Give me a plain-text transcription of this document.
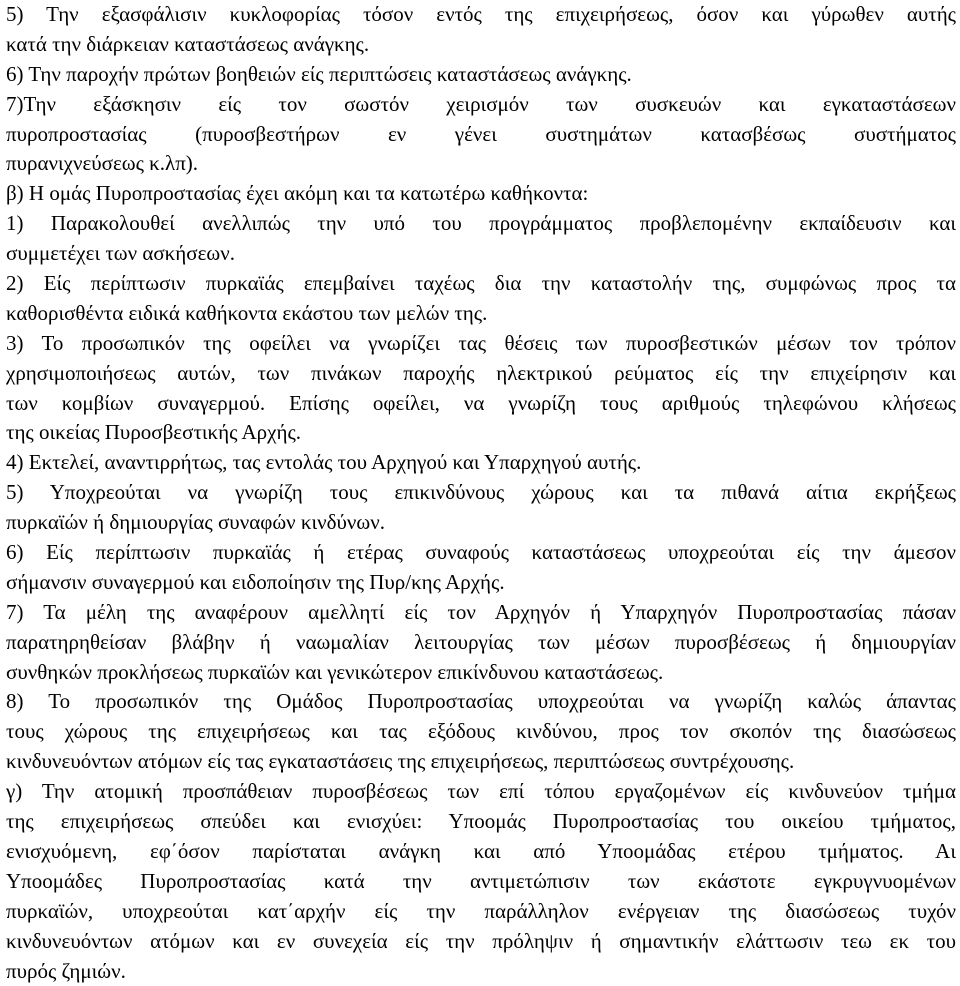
5) Την εξασφάλισιν κυκλοφορίας τόσον εντός της επιχειρήσεως, όσον και γύρωθεν αυτής
κατά την διάρκειαν καταστάσεως ανάγκης.
6) Την παροχήν πρώτων βοηθειών είς περιπτώσεις καταστάσεως ανάγκης.
7)Την εξάσκησιν είς τον σωστόν χειρισμόν των συσκευών και εγκαταστάσεων
πυροπροστασίας (πυροσβεστήρων εν γένει συστημάτων κατασβέσως συστήματος
πυρανιχνεύσεως κ.λπ).
β) Η ομάς Πυροπροστασίας έχει ακόμη και τα κατωτέρω καθήκοντα:
1) Παρακολουθεί ανελλιπώς την υπό του προγράμματος προβλεπομένην εκπαίδευσιν και
συμμετέχει των ασκήσεων.
2) Είς περίπτωσιν πυρκαϊάς επεμβαίνει ταχέως δια την καταστολήν της, συμφώνως προς τα
καθορισθέντα ειδικά καθήκοντα εκάστου των μελών της.
3) Το προσωπικόν της οφείλει να γνωρίζει τας θέσεις των πυροσβεστικών μέσων τον τρόπον
χρησιμοποιήσεως αυτών, των πινάκων παροχής ηλεκτρικού ρεύματος είς την επιχείρησιν και
των κομβίων συναγερμού. Επίσης οφείλει, να γνωρίζη τους αριθμούς τηλεφώνου κλήσεως
της οικείας Πυροσβεστικής Αρχής.
4) Εκτελεί, αναντιρρήτως, τας εντολάς του Αρχηγού και Υπαρχηγού αυτής.
5) Υποχρεούται να γνωρίζη τους επικινδύνους χώρους και τα πιθανά αίτια εκρήξεως
πυρκαϊών ή δημιουργίας συναφών κινδύνων.
6) Είς περίπτωσιν πυρκαϊάς ή ετέρας συναφούς καταστάσεως υποχρεούται είς την άμεσον
σήμανσιν συναγερμού και ειδοποίησιν της Πυρ/κης Αρχής.
7) Τα μέλη της αναφέρουν αμελλητί είς τον Αρχηγόν ή Υπαρχηγόν Πυροπροστασίας πάσαν
παρατηρηθείσαν βλάβην ή ναωμαλίαν λειτουργίας των μέσων πυροσβέσεως ή δημιουργίαν
συνθηκών προκλήσεως πυρκαϊών και γενικώτερον επικίνδυνου καταστάσεως.
8) Το προσωπικόν της Ομάδος Πυροπροστασίας υποχρεούται να γνωρίζη καλώς άπαντας
τους χώρους της επιχειρήσεως και τας εξόδους κινδύνου, προς τον σκοπόν της διασώσεως
κινδυνευόντων ατόμων είς τας εγκαταστάσεις της επιχειρήσεως, περιπτώσεως συντρέχουσης.
γ) Την ατομική προσπάθειαν πυροσβέσεως των επί τόπου εργαζομένων είς κινδυνεύον τμήμα
της επιχειρήσεως σπεύδει και ενισχύει: Υποομάς Πυροπροστασίας του οικείου τμήματος,
ενισχυόμενη, εφ΄όσον παρίσταται ανάγκη και από Υποομάδας ετέρου τμήματος. Αι
Υποομάδες Πυροπροστασίας κατά την αντιμετώπισιν των εκάστοτε εγκρυγνυομένων
πυρκαϊών, υποχρεούται κατ΄αρχήν είς την παράλληλον ενέργειαν της διασώσεως τυχόν
κινδυνευόντων ατόμων και εν συνεχεία είς την πρόληψιν ή σημαντικήν ελάττωσιν τεω εκ του
πυρός ζημιών.
